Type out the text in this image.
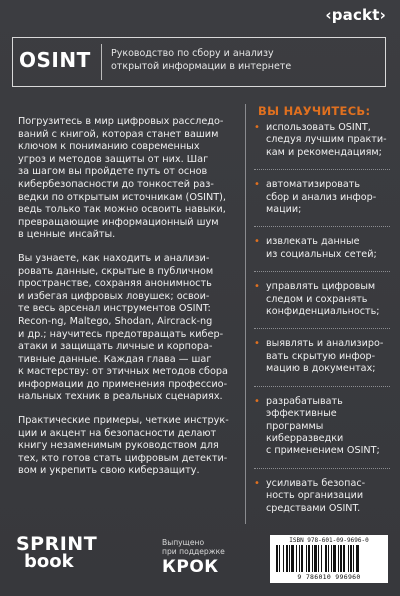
‹packt›
OSINT Руководство по сбору и анализу
открытой информации в интернете

Погрузитесь в мир цифровых расследо-
ваний с книгой, которая станет вашим
ключом к пониманию современных
угроз и методов защиты от них. Шаг
за шагом вы пройдете путь от основ
кибербезопасности до тонкостей раз-
ведки по открытым источникам (OSINT),
ведь только так можно освоить навыки,
превращающие информационный шум
в ценные инсайты.

Вы узнаете, как находить и анализи-
ровать данные, скрытые в публичном
пространстве, сохраняя анонимность
и избегая цифровых ловушек; освои-
те весь арсенал инструментов OSINT:
Recon-ng, Maltego, Shodan, Aircrack-ng
и др.; научитесь предотвращать кибер-
атаки и защищать личные и корпора-
тивные данные. Каждая глава — шаг
к мастерству: от этичных методов сбора
информации до применения профессио-
нальных техник в реальных сценариях.

Практические примеры, четкие инструк-
ции и акцент на безопасности делают
книгу незаменимым руководством для
тех, кто готов стать цифровым детекти-
вом и укрепить свою киберзащиту.

ВЫ НАУЧИТЕСЬ:
• использовать OSINT,
следуя лучшим практи-
кам и рекомендациям;
• автоматизировать
сбор и анализ инфор-
мации;
• извлекать данные
из социальных сетей;
• управлять цифровым
следом и сохранять
конфиденциальность;
• выявлять и анализиро-
вать скрытую инфор-
мацию в документах;
• разрабатывать
эффективные
программы
киберразведки
с применением OSINT;
• усиливать безопас-
ность организации
средствами OSINT.
SPRINT
book
Выпущено
при поддержке
КРОК
ISBN 978-601-09-9696-0
9 786010 996960
